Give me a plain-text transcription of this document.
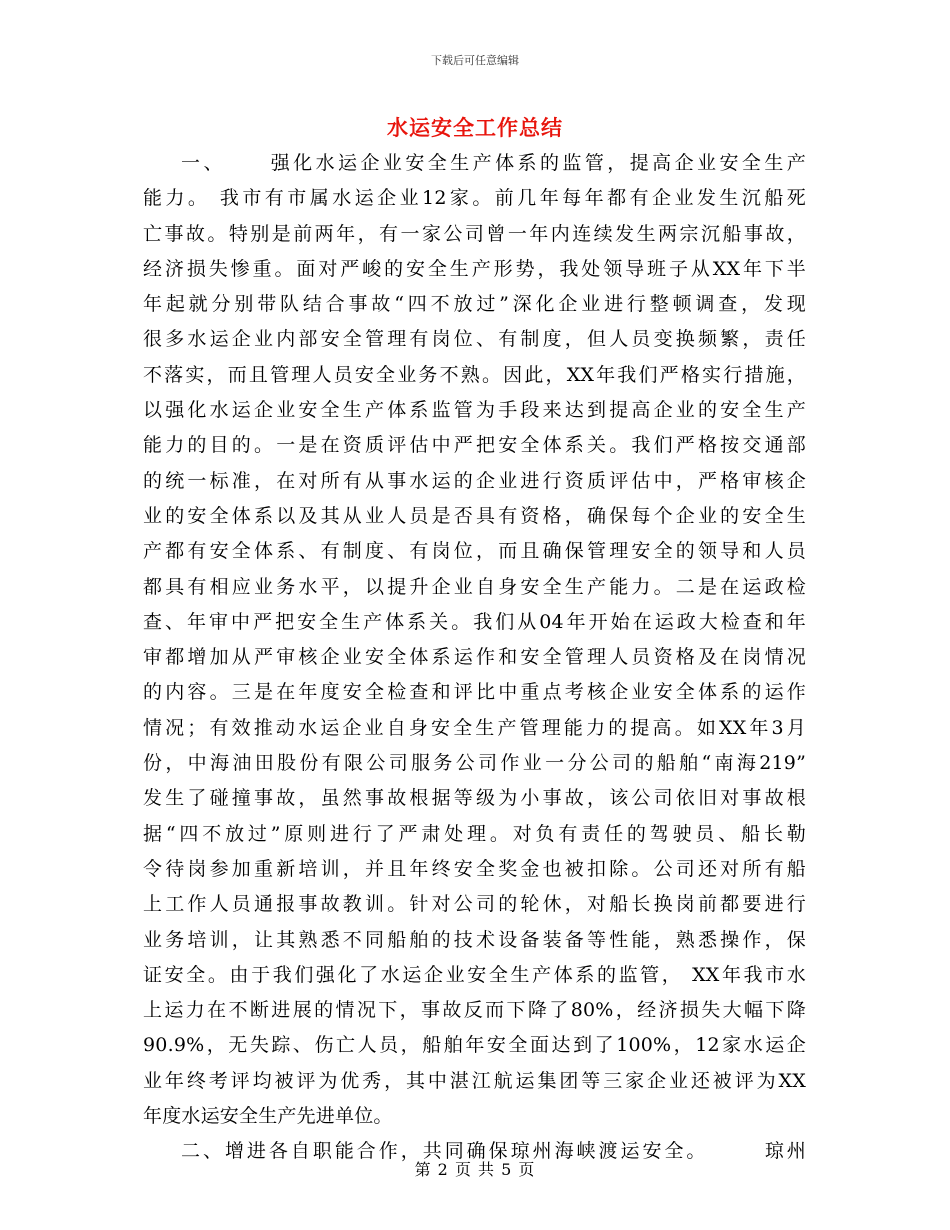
下载后可任意编辑
水运安全工作总结
一、　　 强化水运企业安全生产体系的监管，提高企业安全生产
能力。 我市有市属水运企业12家。前几年每年都有企业发生沉船死
亡事故。特别是前两年，有一家公司曾一年内连续发生两宗沉船事故，
经济损失惨重。面对严峻的安全生产形势，我处领导班子从XX年下半
年起就分别带队结合事故“四不放过”深化企业进行整顿调查，发现
很多水运企业内部安全管理有岗位、有制度，但人员变换频繁，责任
不落实，而且管理人员安全业务不熟。因此，XX年我们严格实行措施，
以强化水运企业安全生产体系监管为手段来达到提高企业的安全生产
能力的目的。一是在资质评估中严把安全体系关。我们严格按交通部
的统一标准，在对所有从事水运的企业进行资质评估中，严格审核企
业的安全体系以及其从业人员是否具有资格，确保每个企业的安全生
产都有安全体系、有制度、有岗位，而且确保管理安全的领导和人员
都具有相应业务水平，以提升企业自身安全生产能力。二是在运政检
查、年审中严把安全生产体系关。我们从04年开始在运政大检查和年
审都增加从严审核企业安全体系运作和安全管理人员资格及在岗情况
的内容。三是在年度安全检查和评比中重点考核企业安全体系的运作
情况；有效推动水运企业自身安全生产管理能力的提高。如XX年3月
份，中海油田股份有限公司服务公司作业一分公司的船舶“南海219”
发生了碰撞事故，虽然事故根据等级为小事故，该公司依旧对事故根
据“四不放过”原则进行了严肃处理。对负有责任的驾驶员、船长勒
令待岗参加重新培训，并且年终安全奖金也被扣除。公司还对所有船
上工作人员通报事故教训。针对公司的轮休，对船长换岗前都要进行
业务培训，让其熟悉不同船舶的技术设备装备等性能，熟悉操作，保
证安全。由于我们强化了水运企业安全生产体系的监管， XX年我市水
上运力在不断进展的情况下，事故反而下降了80%，经济损失大幅下降
90.9%，无失踪、伤亡人员，船舶年安全面达到了100%，12家水运企
业年终考评均被评为优秀，其中湛江航运集团等三家企业还被评为XX
年度水运安全生产先进单位。
二、增进各自职能合作，共同确保琼州海峡渡运安全。　　　琼州
第 2 页 共 5 页
